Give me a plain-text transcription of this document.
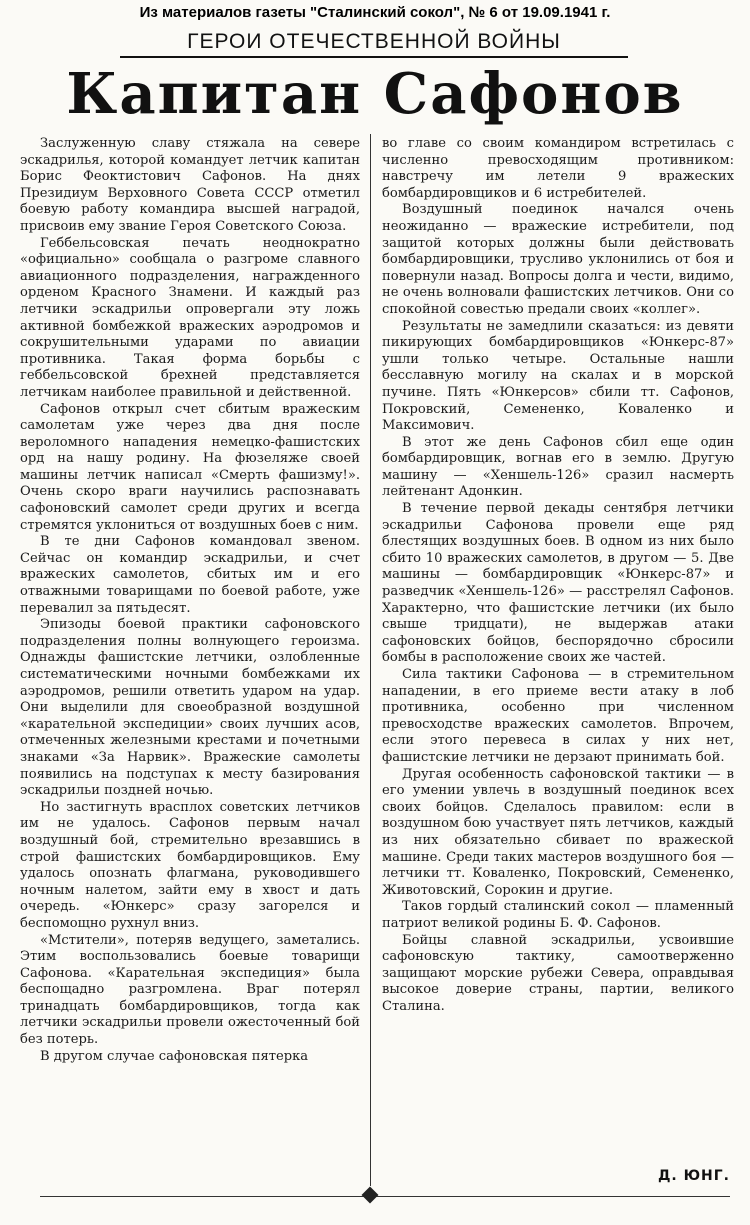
Из материалов газеты "Сталинский сокол", № 6 от 19.09.1941 г.
ГЕРОИ ОТЕЧЕСТВЕННОЙ ВОЙНЫ
Капитан Сафонов

Заслуженную славу стяжала на севере эскадрилья, которой командует летчик капитан Борис Феоктистович Сафонов. На днях Президиум Верховного Совета СССР отметил боевую работу командира высшей наградой, присвоив ему звание Героя Советского Союза.

Геббельсовская печать неоднократно «официально» сообщала о разгроме славного авиационного подразделения, награжденного орденом Красного Знамени. И каждый раз летчики эскадрильи опровергали эту ложь активной бомбежкой вражеских аэродромов и сокрушительными ударами по авиации противника. Такая форма борьбы с геббельсовской брехней представляется летчикам наиболее правильной и действенной.

Сафонов открыл счет сбитым вражеским самолетам уже через два дня после вероломного нападения немецко-фашистских орд на нашу родину. На фюзеляже своей машины летчик написал «Смерть фашизму!». Очень скоро враги научились распознавать сафоновский самолет среди других и всегда стремятся уклониться от воздушных боев с ним.

В те дни Сафонов командовал звеном. Сейчас он командир эскадрильи, и счет вражеских самолетов, сбитых им и его отважными товарищами по боевой работе, уже перевалил за пятьдесят.

Эпизоды боевой практики сафоновского подразделения полны волнующего героизма. Однажды фашистские летчики, озлобленные систематическими ночными бомбежками их аэродромов, решили ответить ударом на удар. Они выделили для своеобразной воздушной «карательной экспедиции» своих лучших асов, отмеченных железными крестами и почетными знаками «За Нарвик». Вражеские самолеты появились на подступах к месту базирования эскадрильи поздней ночью.

Но застигнуть врасплох советских летчиков им не удалось. Сафонов первым начал воздушный бой, стремительно врезавшись в строй фашистских бомбардировщиков. Ему удалось опознать флагмана, руководившего ночным налетом, зайти ему в хвост и дать очередь. «Юнкерс» сразу загорелся и беспомощно рухнул вниз.

«Мстители», потеряв ведущего, заметались. Этим воспользовались боевые товарищи Сафонова. «Карательная экспедиция» была беспощадно разгромлена. Враг потерял тринадцать бомбардировщиков, тогда как летчики эскадрильи провели ожесточенный бой без потерь.

В другом случае сафоновская пятерка

во главе со своим командиром встретилась с численно превосходящим противником: навстречу им летели 9 вражеских бомбардировщиков и 6 истребителей.

Воздушный поединок начался очень неожиданно — вражеские истребители, под защитой которых должны были действовать бомбардировщики, трусливо уклонились от боя и повернули назад. Вопросы долга и чести, видимо, не очень волновали фашистских летчиков. Они со спокойной совестью предали своих «коллег».

Результаты не замедлили сказаться: из девяти пикирующих бомбардировщиков «Юнкерс-87» ушли только четыре. Остальные нашли бесславную могилу на скалах и в морской пучине. Пять «Юнкерсов» сбили тт. Сафонов, Покровский, Семененко, Коваленко и Максимович.

В этот же день Сафонов сбил еще один бомбардировщик, вогнав его в землю. Другую машину — «Хеншель-126» сразил насмерть лейтенант Адонкин.

В течение первой декады сентября летчики эскадрильи Сафонова провели еще ряд блестящих воздушных боев. В одном из них было сбито 10 вражеских самолетов, в другом — 5. Две машины — бомбардировщик «Юнкерс-87» и разведчик «Хеншель-126» — расстрелял Сафонов. Характерно, что фашистские летчики (их было свыше тридцати), не выдержав атаки сафоновских бойцов, беспорядочно сбросили бомбы в расположение своих же частей.

Сила тактики Сафонова — в стремительном нападении, в его приеме вести атаку в лоб противника, особенно при численном превосходстве вражеских самолетов. Впрочем, если этого перевеса в силах у них нет, фашистские летчики не дерзают принимать бой.

Другая особенность сафоновской тактики — в его умении увлечь в воздушный поединок всех своих бойцов. Сделалось правилом: если в воздушном бою участвует пять летчиков, каждый из них обязательно сбивает по вражеской машине. Среди таких мастеров воздушного боя — летчики тт. Коваленко, Покровский, Семененко, Животовский, Сорокин и другие.

Таков гордый сталинский сокол — пламенный патриот великой родины Б. Ф. Сафонов.

Бойцы славной эскадрильи, усвоившие сафоновскую тактику, самоотверженно защищают морские рубежи Севера, оправдывая высокое доверие страны, партии, великого Сталина.

Д. ЮНГ.
